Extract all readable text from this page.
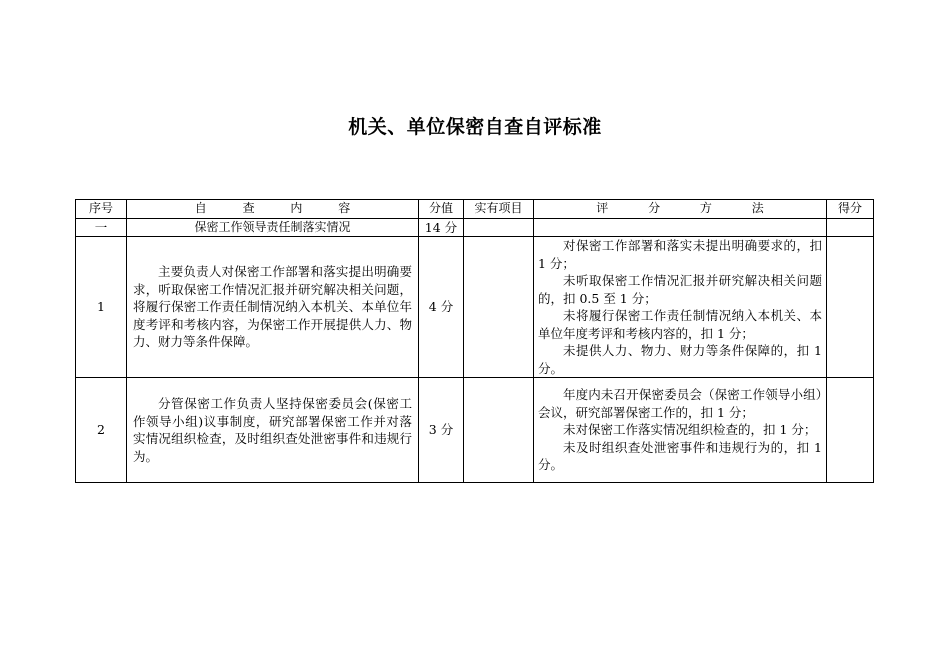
机关、单位保密自查自评标准
序号	自 查 内 容	分值	实有项目	评 分 方 法	得分
一	保密工作领导责任制落实情况	14 分			
1	主要负责人对保密工作部署和落实提出明确要求，听取保密工作情况汇报并研究解决相关问题，将履行保密工作责任制情况纳入本机关、本单位年度考评和考核内容，为保密工作开展提供人力、物力、财力等条件保障。	4 分		对保密工作部署和落实未提出明确要求的，扣 1 分；
未听取保密工作情况汇报并研究解决相关问题的，扣 0.5 至 1 分；
未将履行保密工作责任制情况纳入本机关、本单位年度考评和考核内容的，扣 1 分；
未提供人力、物力、财力等条件保障的，扣 1 分。	

2	分管保密工作负责人坚持保密委员会(保密工作领导小组)议事制度，研究部署保密工作并对落实情况组织检查，及时组织查处泄密事件和违规行为。	3 分		年度内未召开保密委员会（保密工作领导小组）会议，研究部署保密工作的，扣 1 分；
未对保密工作落实情况组织检查的，扣 1 分；
未及时组织查处泄密事件和违规行为的，扣 1 分。	
